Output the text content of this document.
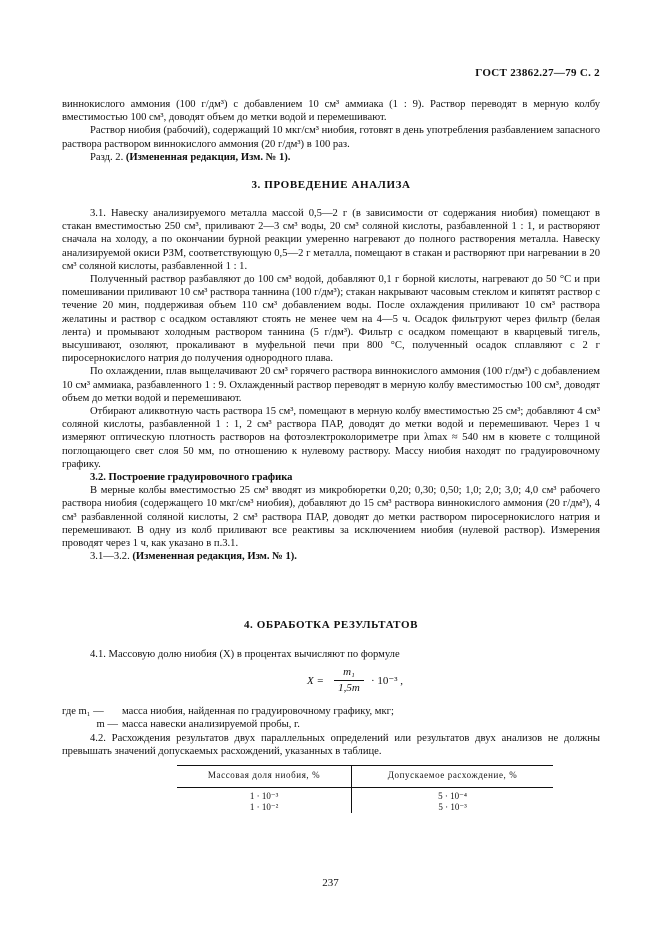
ГОСТ 23862.27—79 С. 2

виннокислого аммония (100 г/дм³) с добавлением 10 см³ аммиака (1 : 9). Раствор переводят в мерную колбу вместимостью 100 см³, доводят объем до метки водой и перемешивают.

Раствор ниобия (рабочий), содержащий 10 мкг/см³ ниобия, готовят в день употребления разбавлением запасного раствора раствором виннокислого аммония (20 г/дм³) в 100 раз.

Разд. 2. (Измененная редакция, Изм. № 1).

3. ПРОВЕДЕНИЕ АНАЛИЗА

3.1. Навеску анализируемого металла массой 0,5—2 г (в зависимости от содержания ниобия) помещают в стакан вместимостью 250 см³, приливают 2—3 см³ воды, 20 см³ соляной кислоты, разбавленной 1 : 1, и растворяют сначала на холоду, а по окончании бурной реакции умеренно нагревают до полного растворения металла. Навеску анализируемой окиси РЗМ, соответствующую 0,5—2 г металла, помещают в стакан и растворяют при нагревании в 20 см³ соляной кислоты, разбавленной 1 : 1.

Полученный раствор разбавляют до 100 см³ водой, добавляют 0,1 г борной кислоты, нагревают до 50 °С и при помешивании приливают 10 см³ раствора таннина (100 г/дм³); стакан накрывают часовым стеклом и кипятят раствор с течение 20 мин, поддерживая объем 110 см³ добавлением воды. После охлаждения приливают 10 см³ раствора желатины и раствор с осадком оставляют стоять не менее чем на 4—5 ч. Осадок фильтруют через фильтр (белая лента) и промывают холодным раствором таннина (5 г/дм³). Фильтр с осадком помещают в кварцевый тигель, высушивают, озоляют, прокаливают в муфельной печи при 800 °С, полученный осадок сплавляют с 2 г пиросернокислого натрия до получения однородного плава.

По охлаждении, плав выщелачивают 20 см³ горячего раствора виннокислого аммония (100 г/дм³) с добавлением 10 см³ аммиака, разбавленного 1 : 9. Охлажденный раствор переводят в мерную колбу вместимостью 100 см³, доводят объем до метки водой и перемешивают.

Отбирают аликвотную часть раствора 15 см³, помещают в мерную колбу вместимостью 25 см³; добавляют 4 см³ соляной кислоты, разбавленной 1 : 1, 2 см³ раствора ПАР, доводят до метки водой и перемешивают. Через 1 ч измеряют оптическую плотность растворов на фотоэлектроколориметре при λmax ≈ 540 нм в кювете с толщиной поглощающего свет слоя 50 мм, по отношению к нулевому раствору. Массу ниобия находят по градуировочному графику.

3.2. Построение градуировочного графика

В мерные колбы вместимостью 25 см³ вводят из микробюретки 0,20; 0,30; 0,50; 1,0; 2,0; 3,0; 4,0 см³ рабочего раствора ниобия (содержащего 10 мкг/см³ ниобия), добавляют до 15 см³ раствора виннокислого аммония (20 г/дм³), 4 см³ разбавленной соляной кислоты, 2 см³ раствора ПАР, доводят до метки раствором пиросернокислого натрия и перемешивают. В одну из колб приливают все реактивы за исключением ниобия (нулевой раствор). Измерения проводят через 1 ч, как указано в п.3.1.

3.1—3.2. (Измененная редакция, Изм. № 1).

4. ОБРАБОТКА РЕЗУЛЬТАТОВ

4.1. Массовую долю ниобия (X) в процентах вычисляют по формуле

$X = \frac{\text{m₁}}{1,5m} \cdot 10^{-3}$ ,
где m₁ —	масса ниобия, найденная по градуировочному графику, мкг;
m — масса навески анализируемой пробы, г.

4.2. Расхождения результатов двух параллельных определений или результатов двух анализов не должны превышать значений допускаемых расхождений, указанных в таблице.

Массовая доля ниобия, %	Допускаемое расхождение, %
1 · 10⁻³	5 · 10⁻⁴
1 · 10⁻²	5 · 10⁻³
237
